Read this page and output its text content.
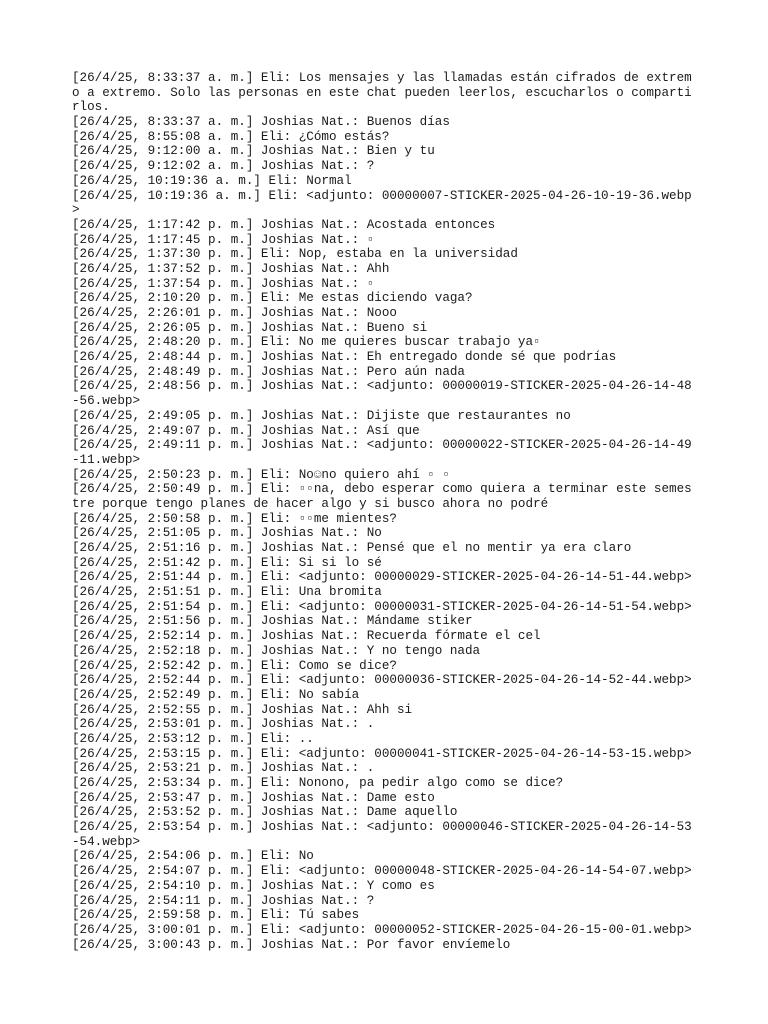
[26/4/25, 8:33:37 a. m.] Eli: Los mensajes y las llamadas están cifrados de extremo a extremo. Solo las personas en este chat pueden leerlos, escucharlos o compartirlos.

[26/4/25, 8:33:37 a. m.] Joshias Nat.: Buenos días

[26/4/25, 8:55:08 a. m.] Eli: ¿Cómo estás?

[26/4/25, 9:12:00 a. m.] Joshias Nat.: Bien y tu

[26/4/25, 9:12:02 a. m.] Joshias Nat.: ?

[26/4/25, 10:19:36 a. m.] Eli: Normal

[26/4/25, 10:19:36 a. m.] Eli: <adjunto: 00000007-STICKER-2025-04-26-10-19-36.webp>

[26/4/25, 1:17:42 p. m.] Joshias Nat.: Acostada entonces

[26/4/25, 1:17:45 p. m.] Joshias Nat.: ▫

[26/4/25, 1:37:30 p. m.] Eli: Nop, estaba en la universidad

[26/4/25, 1:37:52 p. m.] Joshias Nat.: Ahh

[26/4/25, 1:37:54 p. m.] Joshias Nat.: ▫

[26/4/25, 2:10:20 p. m.] Eli: Me estas diciendo vaga?

[26/4/25, 2:26:01 p. m.] Joshias Nat.: Nooo

[26/4/25, 2:26:05 p. m.] Joshias Nat.: Bueno si

[26/4/25, 2:48:20 p. m.] Eli: No me quieres buscar trabajo ya▫

[26/4/25, 2:48:44 p. m.] Joshias Nat.: Eh entregado donde sé que podrías

[26/4/25, 2:48:49 p. m.] Joshias Nat.: Pero aún nada

[26/4/25, 2:48:56 p. m.] Joshias Nat.: <adjunto: 00000019-STICKER-2025-04-26-14-48-56.webp>

[26/4/25, 2:49:05 p. m.] Joshias Nat.: Dijiste que restaurantes no

[26/4/25, 2:49:07 p. m.] Joshias Nat.: Así que

[26/4/25, 2:49:11 p. m.] Joshias Nat.: <adjunto: 00000022-STICKER-2025-04-26-14-49-11.webp>

[26/4/25, 2:50:23 p. m.] Eli: No☺no quiero ahí ▫ ▫

[26/4/25, 2:50:49 p. m.] Eli: ▫▫na, debo esperar como quiera a terminar este semestre porque tengo planes de hacer algo y si busco ahora no podré

[26/4/25, 2:50:58 p. m.] Eli: ▫▫me mientes?

[26/4/25, 2:51:05 p. m.] Joshias Nat.: No

[26/4/25, 2:51:16 p. m.] Joshias Nat.: Pensé que el no mentir ya era claro

[26/4/25, 2:51:42 p. m.] Eli: Si si lo sé

[26/4/25, 2:51:44 p. m.] Eli: <adjunto: 00000029-STICKER-2025-04-26-14-51-44.webp>

[26/4/25, 2:51:51 p. m.] Eli: Una bromita

[26/4/25, 2:51:54 p. m.] Eli: <adjunto: 00000031-STICKER-2025-04-26-14-51-54.webp>

[26/4/25, 2:51:56 p. m.] Joshias Nat.: Mándame stiker

[26/4/25, 2:52:14 p. m.] Joshias Nat.: Recuerda fórmate el cel

[26/4/25, 2:52:18 p. m.] Joshias Nat.: Y no tengo nada

[26/4/25, 2:52:42 p. m.] Eli: Como se dice?

[26/4/25, 2:52:44 p. m.] Eli: <adjunto: 00000036-STICKER-2025-04-26-14-52-44.webp>

[26/4/25, 2:52:49 p. m.] Eli: No sabía

[26/4/25, 2:52:55 p. m.] Joshias Nat.: Ahh si

[26/4/25, 2:53:01 p. m.] Joshias Nat.: .

[26/4/25, 2:53:12 p. m.] Eli: ..

[26/4/25, 2:53:15 p. m.] Eli: <adjunto: 00000041-STICKER-2025-04-26-14-53-15.webp>

[26/4/25, 2:53:21 p. m.] Joshias Nat.: .

[26/4/25, 2:53:34 p. m.] Eli: Nonono, pa pedir algo como se dice?

[26/4/25, 2:53:47 p. m.] Joshias Nat.: Dame esto

[26/4/25, 2:53:52 p. m.] Joshias Nat.: Dame aquello

[26/4/25, 2:53:54 p. m.] Joshias Nat.: <adjunto: 00000046-STICKER-2025-04-26-14-53-54.webp>

[26/4/25, 2:54:06 p. m.] Eli: No

[26/4/25, 2:54:07 p. m.] Eli: <adjunto: 00000048-STICKER-2025-04-26-14-54-07.webp>

[26/4/25, 2:54:10 p. m.] Joshias Nat.: Y como es

[26/4/25, 2:54:11 p. m.] Joshias Nat.: ?

[26/4/25, 2:59:58 p. m.] Eli: Tú sabes

[26/4/25, 3:00:01 p. m.] Eli: <adjunto: 00000052-STICKER-2025-04-26-15-00-01.webp>

[26/4/25, 3:00:43 p. m.] Joshias Nat.: Por favor envíemelo
